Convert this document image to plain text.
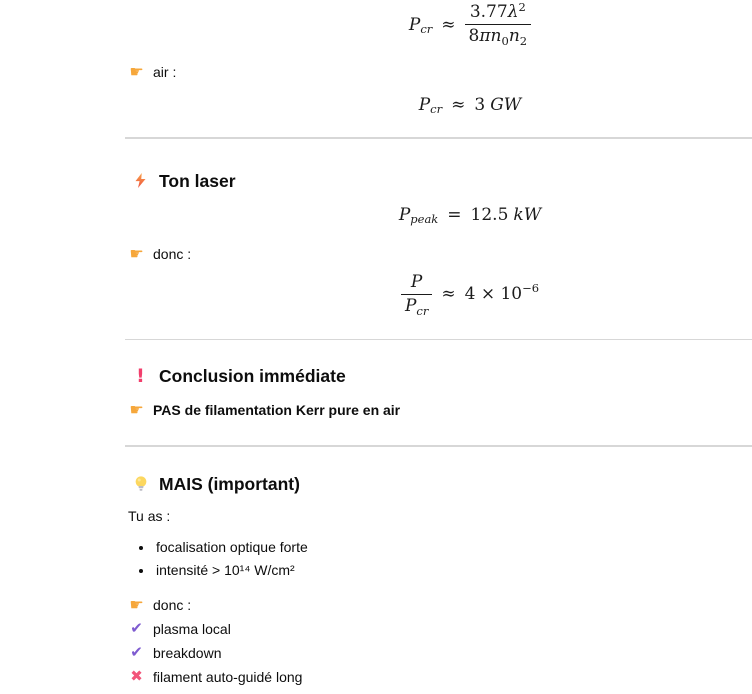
P cr ≈ $\frac{3.77\lambda^2}{8\pi n_0n_2}$
☛ air :
P cr ≈ 3 GW
Ton laser
P peak = 12.5 kW
☛ donc :
$\frac{P}{P_{cr}} \approx 4 \times 10 -6$
! Conclusion immédiate
☛ PAS de filamentation Kerr pure en air
MAIS (important)
Tu as :
• focalisation optique forte
• intensité > 10¹⁴ W/cm²
☛ donc :
✔ plasma local
✔ breakdown
✖ filament auto-guidé long
